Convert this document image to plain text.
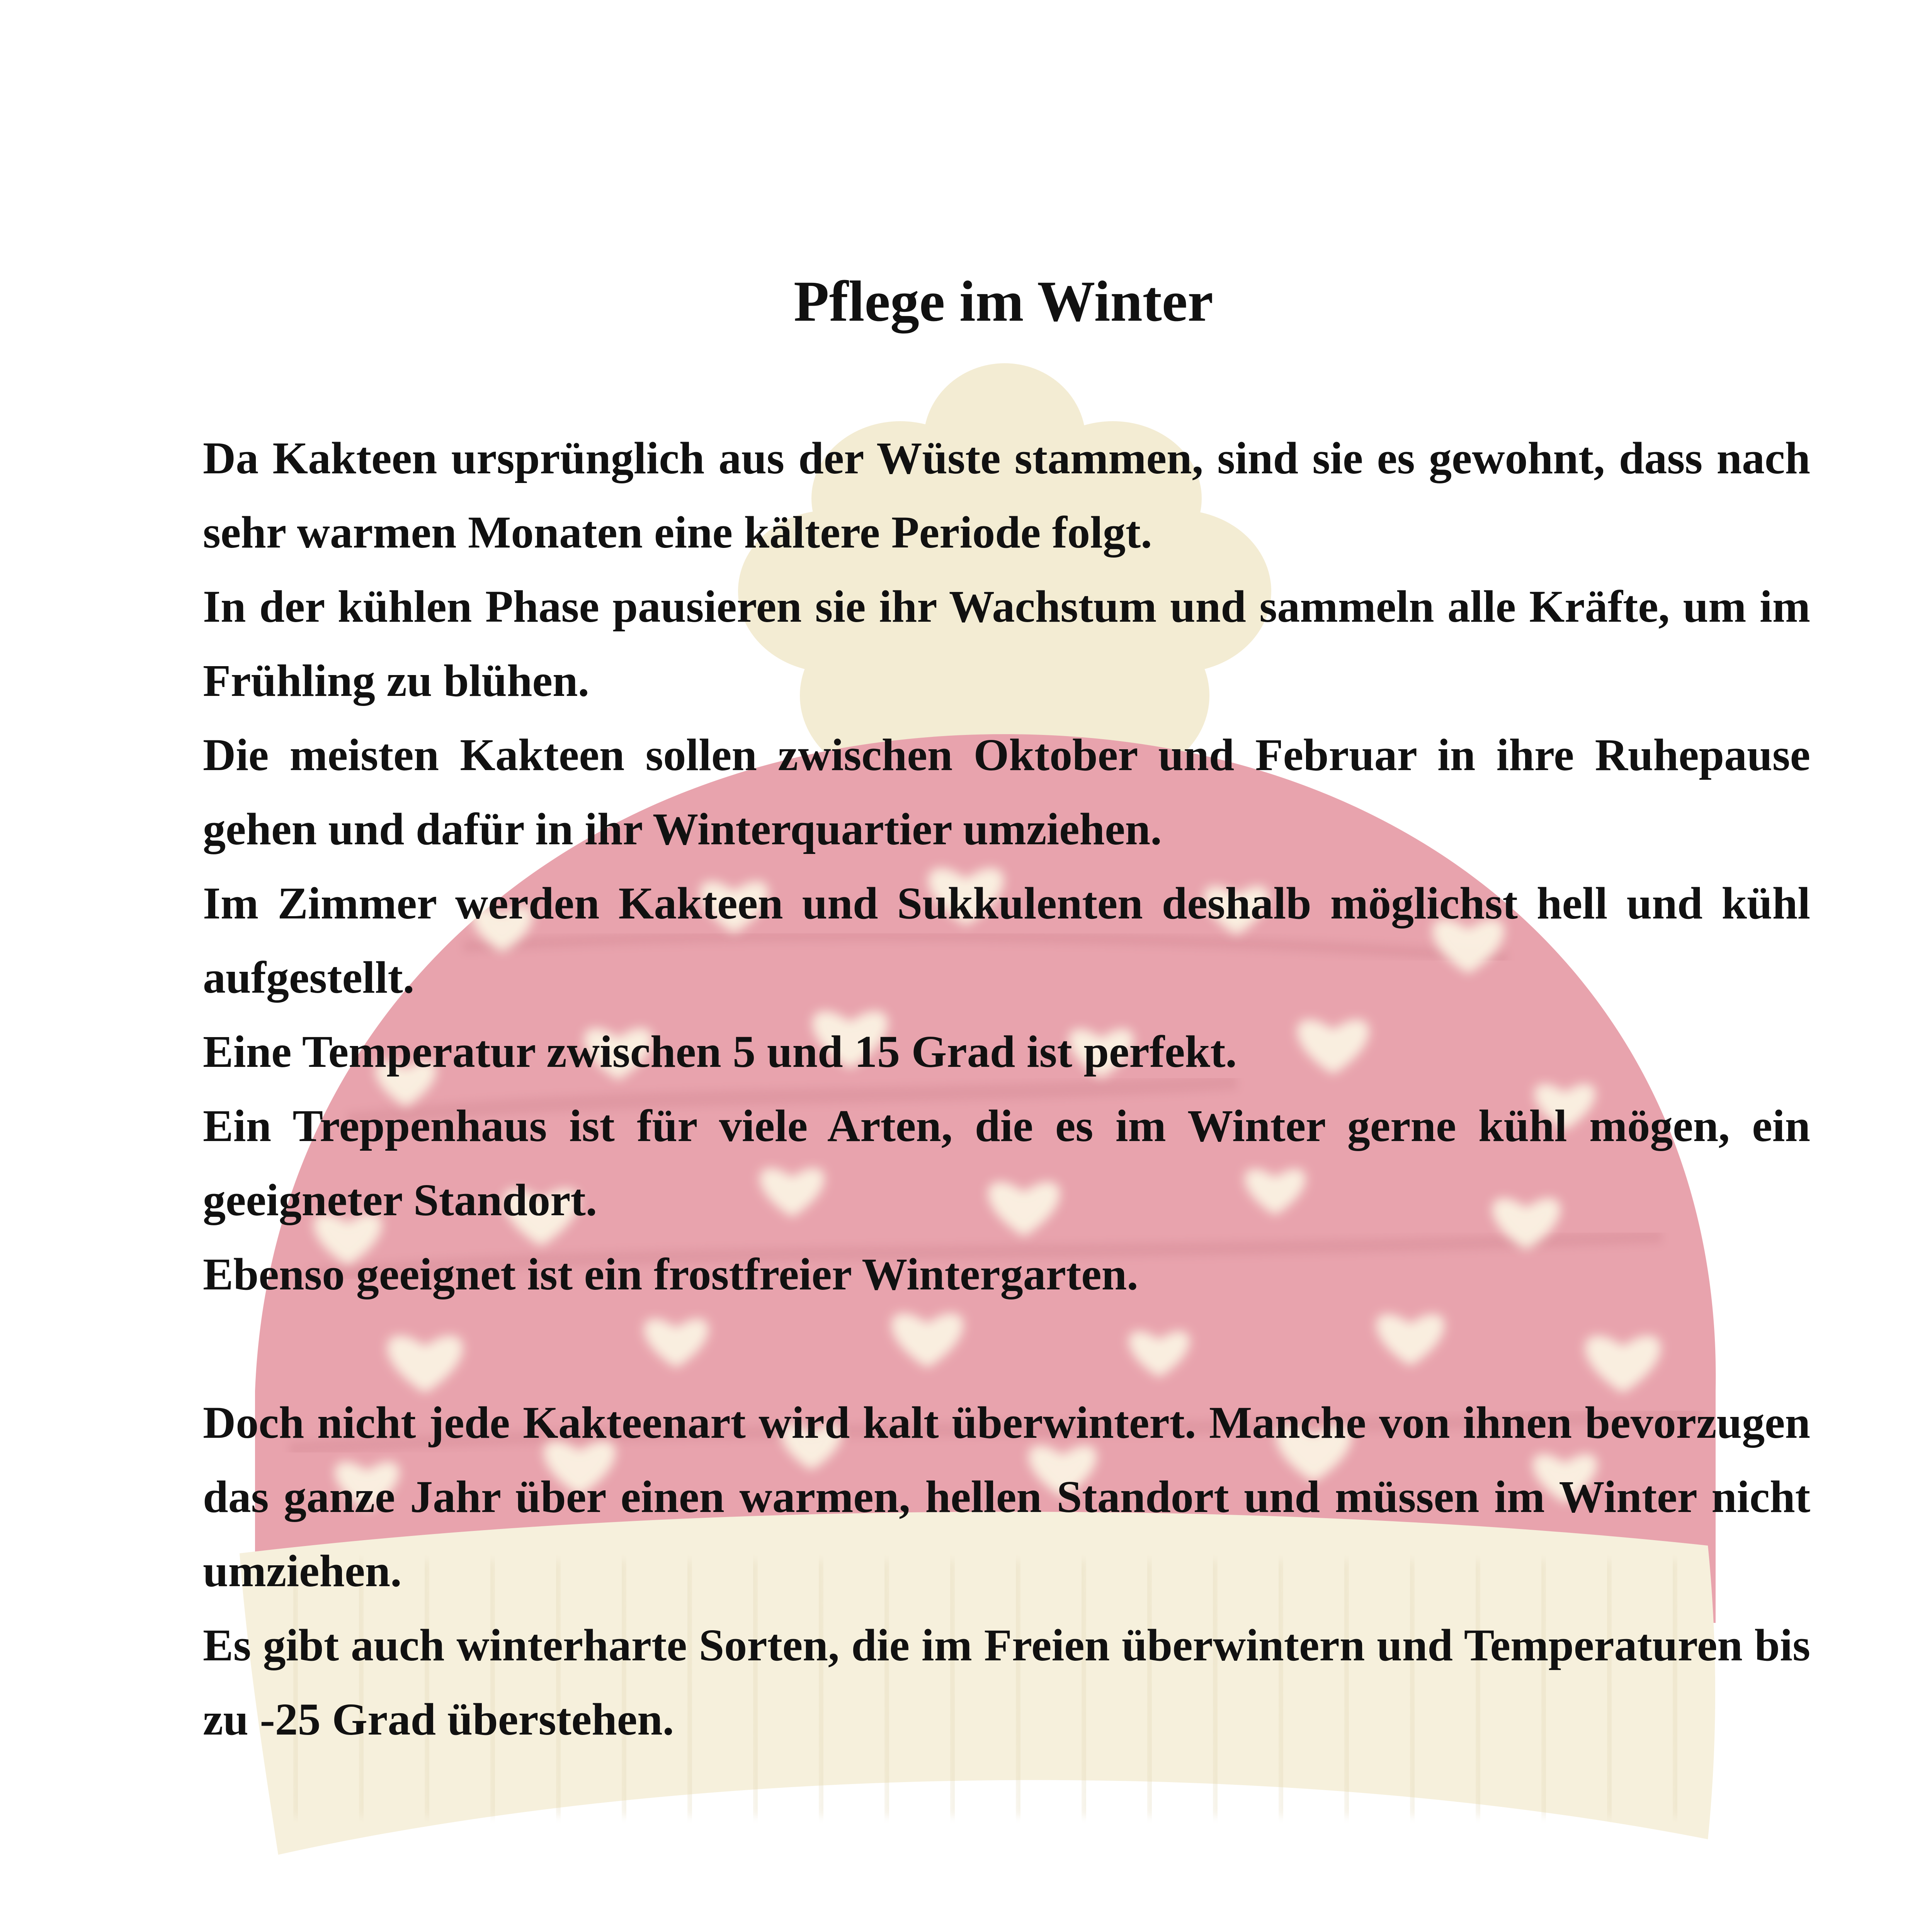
Pflege im Winter

Da Kakteen ursprünglich aus der Wüste stammen, sind sie es gewohnt, dass nach sehr warmen Monaten eine kältere Periode folgt.

In der kühlen Phase pausieren sie ihr Wachstum und sammeln alle Kräfte, um im Frühling zu blühen.

Die meisten Kakteen sollen zwischen Oktober und Februar in ihre Ruhepause gehen und dafür in ihr Winterquartier umziehen.

Im Zimmer werden Kakteen und Sukkulenten deshalb möglichst hell und kühl aufgestellt.

Eine Temperatur zwischen 5 und 15 Grad ist perfekt.

Ein Treppenhaus ist für viele Arten, die es im Winter gerne kühl mögen, ein geeigneter Standort.

Ebenso geeignet ist ein frostfreier Wintergarten.

Doch nicht jede Kakteenart wird kalt überwintert. Manche von ihnen bevorzugen das ganze Jahr über einen warmen, hellen Standort und müssen im Winter nicht umziehen.

Es gibt auch winterharte Sorten, die im Freien überwintern und Temperaturen bis zu -25 Grad überstehen.
